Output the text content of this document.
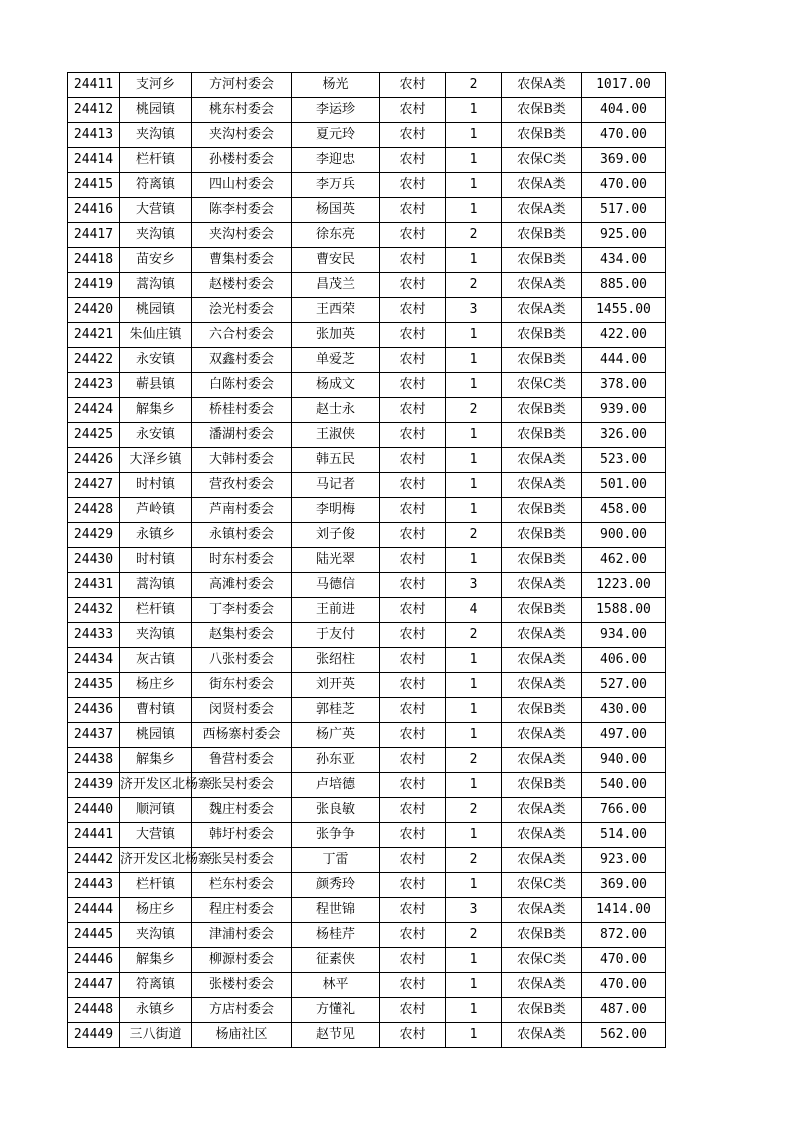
24411	支河乡	方河村委会	杨光	农村	2	农保A类	1017.00
24412	桃园镇	桃东村委会	李运珍	农村	1	农保B类	404.00
24413	夹沟镇	夹沟村委会	夏元玲	农村	1	农保B类	470.00
24414	栏杆镇	孙楼村委会	李迎忠	农村	1	农保C类	369.00
24415	符离镇	四山村委会	李万兵	农村	1	农保A类	470.00
24416	大营镇	陈李村委会	杨国英	农村	1	农保A类	517.00
24417	夹沟镇	夹沟村委会	徐东亮	农村	2	农保B类	925.00
24418	苗安乡	曹集村委会	曹安民	农村	1	农保B类	434.00
24419	蒿沟镇	赵楼村委会	昌茂兰	农村	2	农保A类	885.00
24420	桃园镇	浍光村委会	王西荣	农村	3	农保A类	1455.00
24421	朱仙庄镇	六合村委会	张加英	农村	1	农保B类	422.00
24422	永安镇	双鑫村委会	单爱芝	农村	1	农保B类	444.00
24423	蕲县镇	白陈村委会	杨成文	农村	1	农保C类	378.00
24424	解集乡	桥桂村委会	赵士永	农村	2	农保B类	939.00
24425	永安镇	潘湖村委会	王淑侠	农村	1	农保B类	326.00
24426	大泽乡镇	大韩村委会	韩五民	农村	1	农保A类	523.00
24427	时村镇	营孜村委会	马记者	农村	1	农保A类	501.00
24428	芦岭镇	芦南村委会	李明梅	农村	1	农保B类	458.00
24429	永镇乡	永镇村委会	刘子俊	农村	2	农保B类	900.00
24430	时村镇	时东村委会	陆光翠	农村	1	农保B类	462.00
24431	蒿沟镇	高滩村委会	马德信	农村	3	农保A类	1223.00
24432	栏杆镇	丁李村委会	王前进	农村	4	农保B类	1588.00
24433	夹沟镇	赵集村委会	于友付	农村	2	农保A类	934.00
24434	灰古镇	八张村委会	张绍柱	农村	1	农保A类	406.00
24435	杨庄乡	街东村委会	刘开英	农村	1	农保A类	527.00
24436	曹村镇	闵贤村委会	郭桂芝	农村	1	农保B类	430.00
24437	桃园镇	西杨寨村委会	杨广英	农村	1	农保A类	497.00
24438	解集乡	鲁营村委会	孙东亚	农村	2	农保A类	940.00
24439	济开发区北杨寨	张吴村委会	卢培德	农村	1	农保B类	540.00
24440	顺河镇	魏庄村委会	张良敏	农村	2	农保A类	766.00
24441	大营镇	韩圩村委会	张争争	农村	1	农保A类	514.00
24442	济开发区北杨寨	张吴村委会	丁雷	农村	2	农保A类	923.00
24443	栏杆镇	栏东村委会	颜秀玲	农村	1	农保C类	369.00
24444	杨庄乡	程庄村委会	程世锦	农村	3	农保A类	1414.00
24445	夹沟镇	津浦村委会	杨桂芹	农村	2	农保B类	872.00
24446	解集乡	柳源村委会	征素侠	农村	1	农保C类	470.00
24447	符离镇	张楼村委会	林平	农村	1	农保A类	470.00
24448	永镇乡	方店村委会	方懂礼	农村	1	农保B类	487.00
24449	三八街道	杨庙社区	赵节见	农村	1	农保A类	562.00
